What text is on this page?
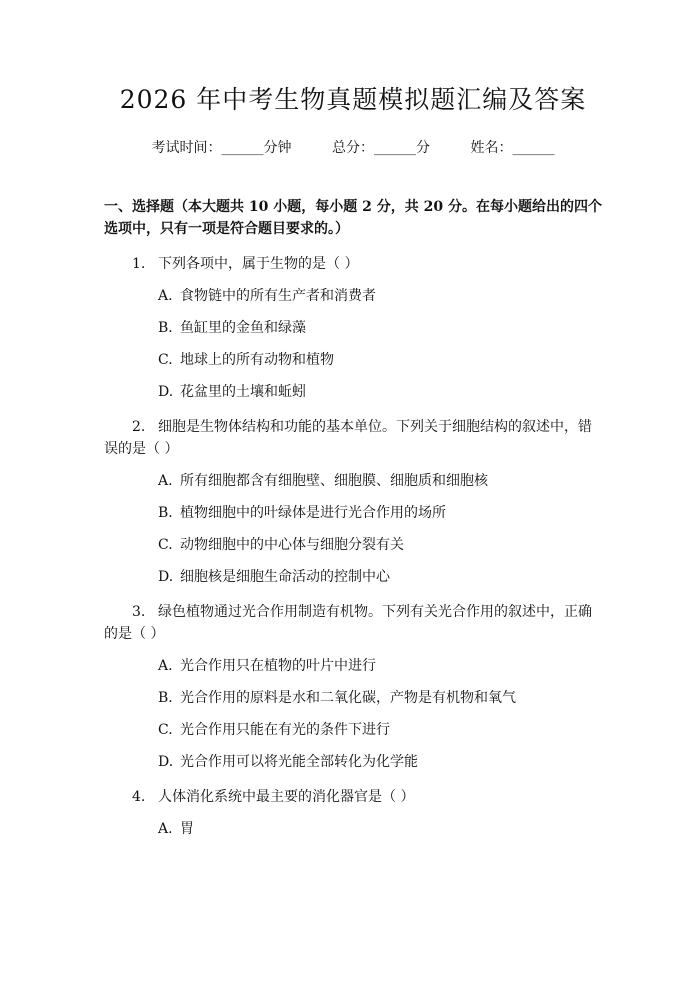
2026 年中考生物真题模拟题汇编及答案
考试时间：______分钟	总分：______分	姓名：______
一、选择题（本大题共 10 小题，每小题 2 分，共 20 分。在每小题给出的四个选项中，只有一项是符合题目要求的。）
1. 下列各项中，属于生物的是（ ）
A. 食物链中的所有生产者和消费者
B. 鱼缸里的金鱼和绿藻
C. 地球上的所有动物和植物
D. 花盆里的土壤和蚯蚓
2. 细胞是生物体结构和功能的基本单位。下列关于细胞结构的叙述中，错误的是（ ）
A. 所有细胞都含有细胞壁、细胞膜、细胞质和细胞核
B. 植物细胞中的叶绿体是进行光合作用的场所
C. 动物细胞中的中心体与细胞分裂有关
D. 细胞核是细胞生命活动的控制中心
3. 绿色植物通过光合作用制造有机物。下列有关光合作用的叙述中，正确的是（ ）
A. 光合作用只在植物的叶片中进行
B. 光合作用的原料是水和二氧化碳，产物是有机物和氧气
C. 光合作用只能在有光的条件下进行
D. 光合作用可以将光能全部转化为化学能
4. 人体消化系统中最主要的消化器官是（ ）
A. 胃
